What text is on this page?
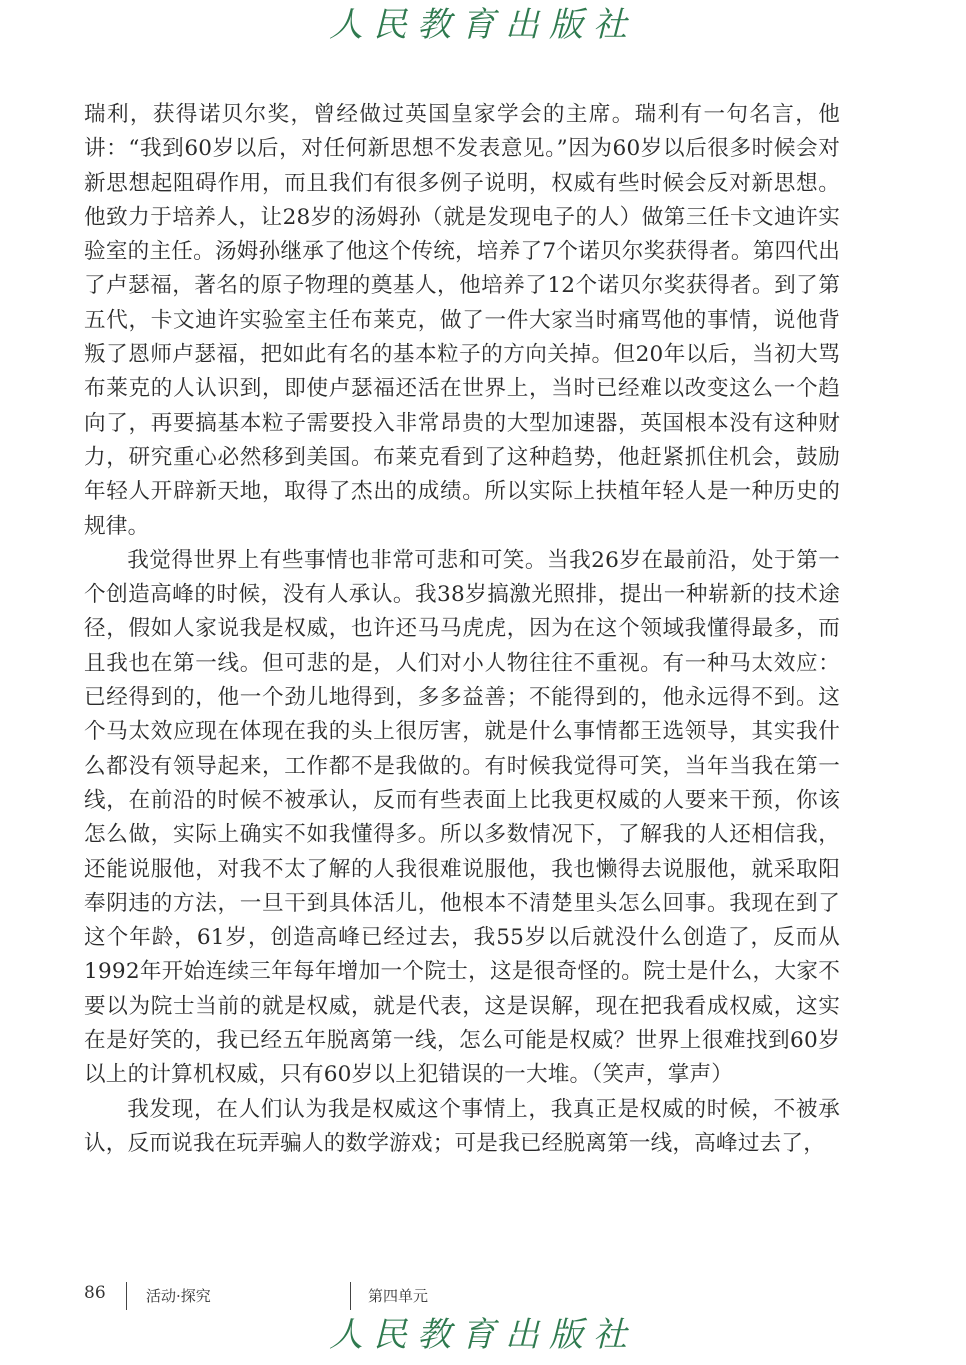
人民教育出版社

瑞利，获得诺贝尔奖，曾经做过英国皇家学会的主席。瑞利有一句名言，他讲：“我到60岁以后，对任何新思想不发表意见。”因为60岁以后很多时候会对新思想起阻碍作用，而且我们有很多例子说明，权威有些时候会反对新思想。他致力于培养人，让28岁的汤姆孙（就是发现电子的人）做第三任卡文迪许实验室的主任。汤姆孙继承了他这个传统，培养了7个诺贝尔奖获得者。第四代出了卢瑟福，著名的原子物理的奠基人，他培养了12个诺贝尔奖获得者。到了第五代，卡文迪许实验室主任布莱克，做了一件大家当时痛骂他的事情，说他背叛了恩师卢瑟福，把如此有名的基本粒子的方向关掉。但20年以后，当初大骂布莱克的人认识到，即使卢瑟福还活在世界上，当时已经难以改变这么一个趋向了，再要搞基本粒子需要投入非常昂贵的大型加速器，英国根本没有这种财力，研究重心必然移到美国。布莱克看到了这种趋势，他赶紧抓住机会，鼓励年轻人开辟新天地，取得了杰出的成绩。所以实际上扶植年轻人是一种历史的规律。

我觉得世界上有些事情也非常可悲和可笑。当我26岁在最前沿，处于第一个创造高峰的时候，没有人承认。我38岁搞激光照排，提出一种崭新的技术途径，假如人家说我是权威，也许还马马虎虎，因为在这个领域我懂得最多，而且我也在第一线。但可悲的是，人们对小人物往往不重视。有一种马太效应：已经得到的，他一个劲儿地得到，多多益善；不能得到的，他永远得不到。这个马太效应现在体现在我的头上很厉害，就是什么事情都王选领导，其实我什么都没有领导起来，工作都不是我做的。有时候我觉得可笑，当年当我在第一线，在前沿的时候不被承认，反而有些表面上比我更权威的人要来干预，你该怎么做，实际上确实不如我懂得多。所以多数情况下，了解我的人还相信我，还能说服他，对我不太了解的人我很难说服他，我也懒得去说服他，就采取阳奉阴违的方法，一旦干到具体活儿，他根本不清楚里头怎么回事。我现在到了这个年龄，61岁，创造高峰已经过去，我55岁以后就没什么创造了，反而从1992年开始连续三年每年增加一个院士，这是很奇怪的。院士是什么，大家不要以为院士当前的就是权威，就是代表，这是误解，现在把我看成权威，这实在是好笑的，我已经五年脱离第一线，怎么可能是权威？世界上很难找到60岁以上的计算机权威，只有60岁以上犯错误的一大堆。（笑声，掌声）

我发现，在人们认为我是权威这个事情上，我真正是权威的时候，不被承认，反而说我在玩弄骗人的数学游戏；可是我已经脱离第一线，高峰过去了，

86	活动·探究	第四单元
人民教育出版社
